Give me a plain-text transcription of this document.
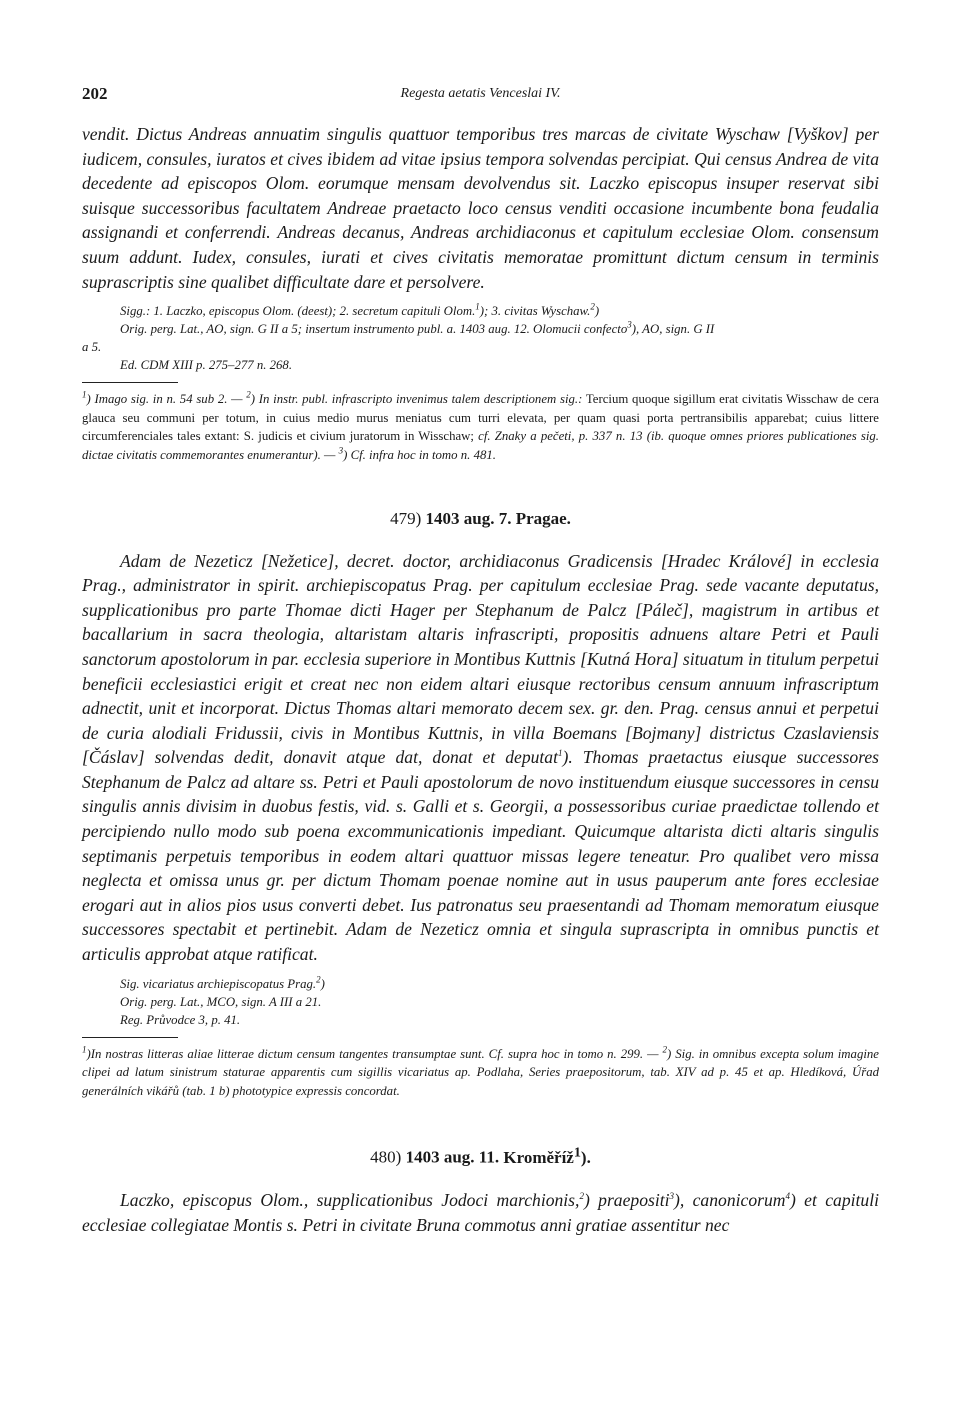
202	Regesta aetatis Venceslai IV.

vendit. Dictus Andreas annuatim singulis quattuor temporibus tres marcas de civitate Wyschaw [Vyškov] per iudicem, consules, iuratos et cives ibidem ad vitae ipsius tempora solvendas percipiat. Qui census Andrea de vita decedente ad episcopos Olom. eorumque mensam devolvendus sit. Laczko episcopus insuper reservat sibi suisque successoribus facultatem Andreae praetacto loco census venditi occasione incumbente bona feudalia assignandi et conferrendi. Andreas decanus, Andreas archidiaconus et capitulum ecclesiae Olom. consensum suum addunt. Iudex, consules, iurati et cives civitatis memoratae promittunt dictum censum in terminis suprascriptis sine qualibet difficultate dare et persolvere.

Sigg.: 1. Laczko, episcopus Olom. (deest); 2. secretum capituli Olom.$^1$); 3. civitas Wyschaw.$^2$)
Orig. perg. Lat., AO, sign. G II a 5; insertum instrumento publ. a. 1403 aug. 12. Olomucii confecto$^3$), AO, sign. G II
a 5.
Ed. CDM XIII p. 275–277 n. 268.
$^1$) Imago sig. in n. 54 sub 2. — $^2$) In instr. publ. infrascripto invenimus talem descriptionem sig.: Tercium quoque sigillum erat civitatis Wisschaw de cera glauca seu communi per totum, in cuius medio murus meniatus cum turri elevata, per quam quasi porta pertransibilis apparebat; cuius littere circumferenciales tales extant: S. judicis et civium juratorum in Wisschaw; cf. Znaky a pečeti, p. 337 n. 13 (ib. quoque omnes priores publicationes sig. dictae civitatis commemorantes enumerantur). — $^3$) Cf. infra hoc in tomo n. 481.
479) 1403 aug. 7. Pragae.

Adam de Nezeticz [Nežetice], decret. doctor, archidiaconus Gradicensis [Hradec Králové] in ecclesia Prag., administrator in spirit. archiepiscopatus Prag. per capitulum ecclesiae Prag. sede vacante deputatus, supplicationibus pro parte Thomae dicti Hager per Stephanum de Palcz [Páleč], magistrum in artibus et bacallarium in sacra theologia, altaristam altaris infrascripti, propositis adnuens altare Petri et Pauli sanctorum apostolorum in par. ecclesia superiore in Montibus Kuttnis [Kutná Hora] situatum in titulum perpetui beneficii ecclesiastici erigit et creat nec non eidem altari eiusque rectoribus censum annuum infrascriptum adnectit, unit et incorporat. Dictus Thomas altari memorato decem sex. gr. den. Prag. census annui et perpetui de curia alodiali Fridussii, civis in Montibus Kuttnis, in villa Boemans [Bojmany] districtus Czaslaviensis [Čáslav] solvendas dedit, donavit atque dat, donat et deputat$^1$). Thomas praetactus eiusque successores Stephanum de Palcz ad altare ss. Petri et Pauli apostolorum de novo instituendum eiusque successores in censu singulis annis divisim in duobus festis, vid. s. Galli et s. Georgii, a possessoribus curiae praedictae tollendo et percipiendo nullo modo sub poena excommunicationis impediant. Quicumque altarista dicti altaris singulis septimanis perpetuis temporibus in eodem altari quattuor missas legere teneatur. Pro qualibet vero missa neglecta et omissa unus gr. per dictum Thomam poenae nomine aut in usus pauperum ante fores ecclesiae erogari aut in alios pios usus converti debet. Ius patronatus seu praesentandi ad Thomam memoratum eiusque successores spectabit et pertinebit. Adam de Nezeticz omnia et singula suprascripta in omnibus punctis et articulis approbat atque ratificat.

Sig. vicariatus archiepiscopatus Prag.$^2$)
Orig. perg. Lat., MCO, sign. A III a 21.
Reg. Průvodce 3, p. 41.
$^1$)In nostras litteras aliae litterae dictum censum tangentes transumptae sunt. Cf. supra hoc in tomo n. 299. — $^2$) Sig. in omnibus excepta solum imagine clipei ad latum sinistrum staturae apparentis cum sigillis vicariatus ap. Podlaha, Series praepositorum, tab. XIV ad p. 45 et ap. Hledíková, Úřad generálních vikářů (tab. 1 b) phototypice expressis concordat.
480) 1403 aug. 11. Kroměříž$^1$).

Laczko, episcopus Olom., supplicationibus Jodoci marchionis,$^2$) praepositi$^3$), canonicorum$^4$) et capituli ecclesiae collegiatae Montis s. Petri in civitate Bruna commotus anni gratiae assentitur nec
